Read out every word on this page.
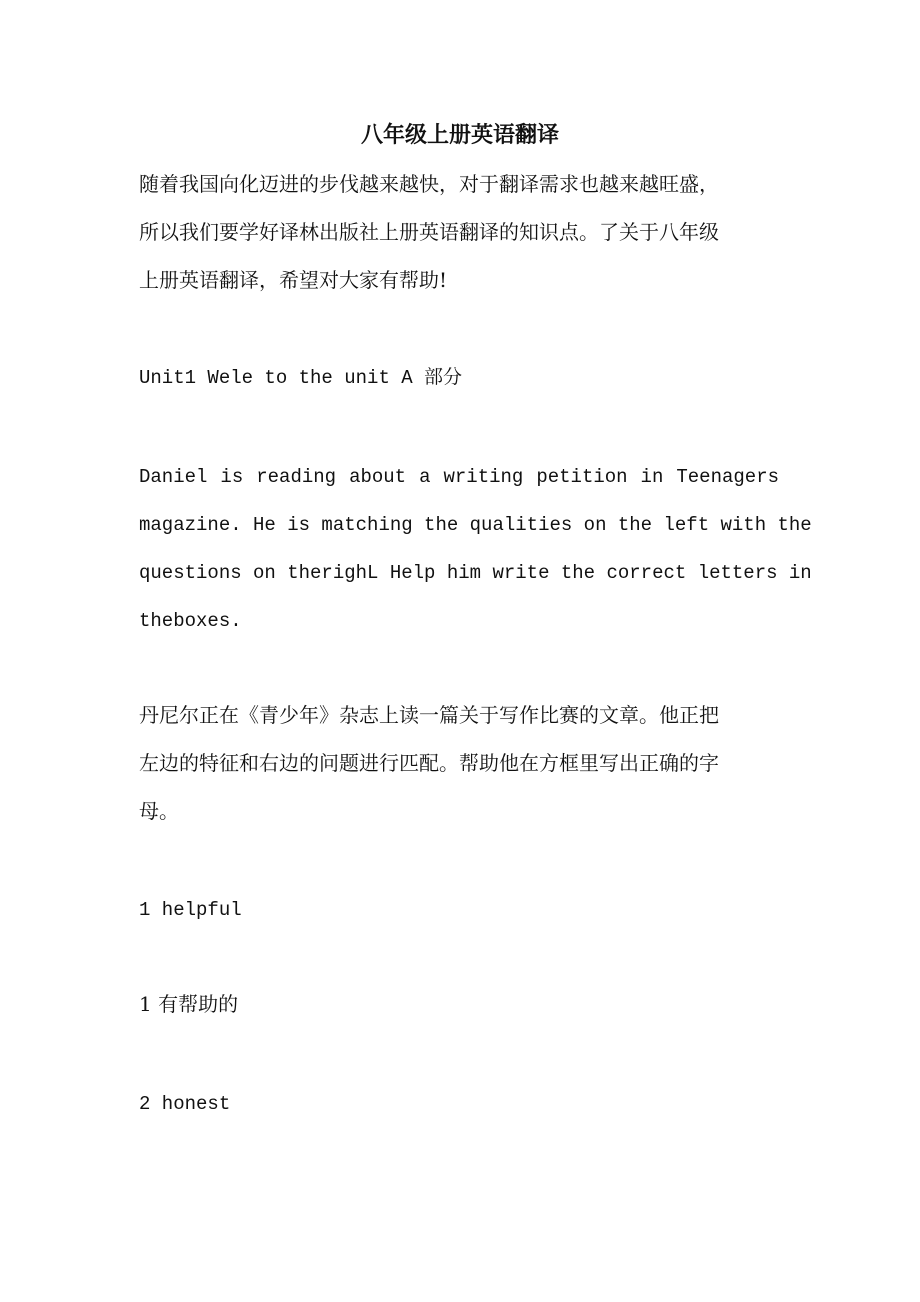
八年级上册英语翻译
随着我国向化迈进的步伐越来越快，对于翻译需求也越来越旺盛，
所以我们要学好译林出版社上册英语翻译的知识点。了关于八年级
上册英语翻译，希望对大家有帮助!
Unit1 Wele to the unit A 部分
Daniel is reading about a writing petition in Teenagers
magazine. He is matching the qualities on the left with the
questions on therighL Help him write the correct letters in
theboxes.
丹尼尔正在《青少年》杂志上读一篇关于写作比赛的文章。他正把
左边的特征和右边的问题进行匹配。帮助他在方框里写出正确的字
母。
1 helpful
1 有帮助的
2 honest
